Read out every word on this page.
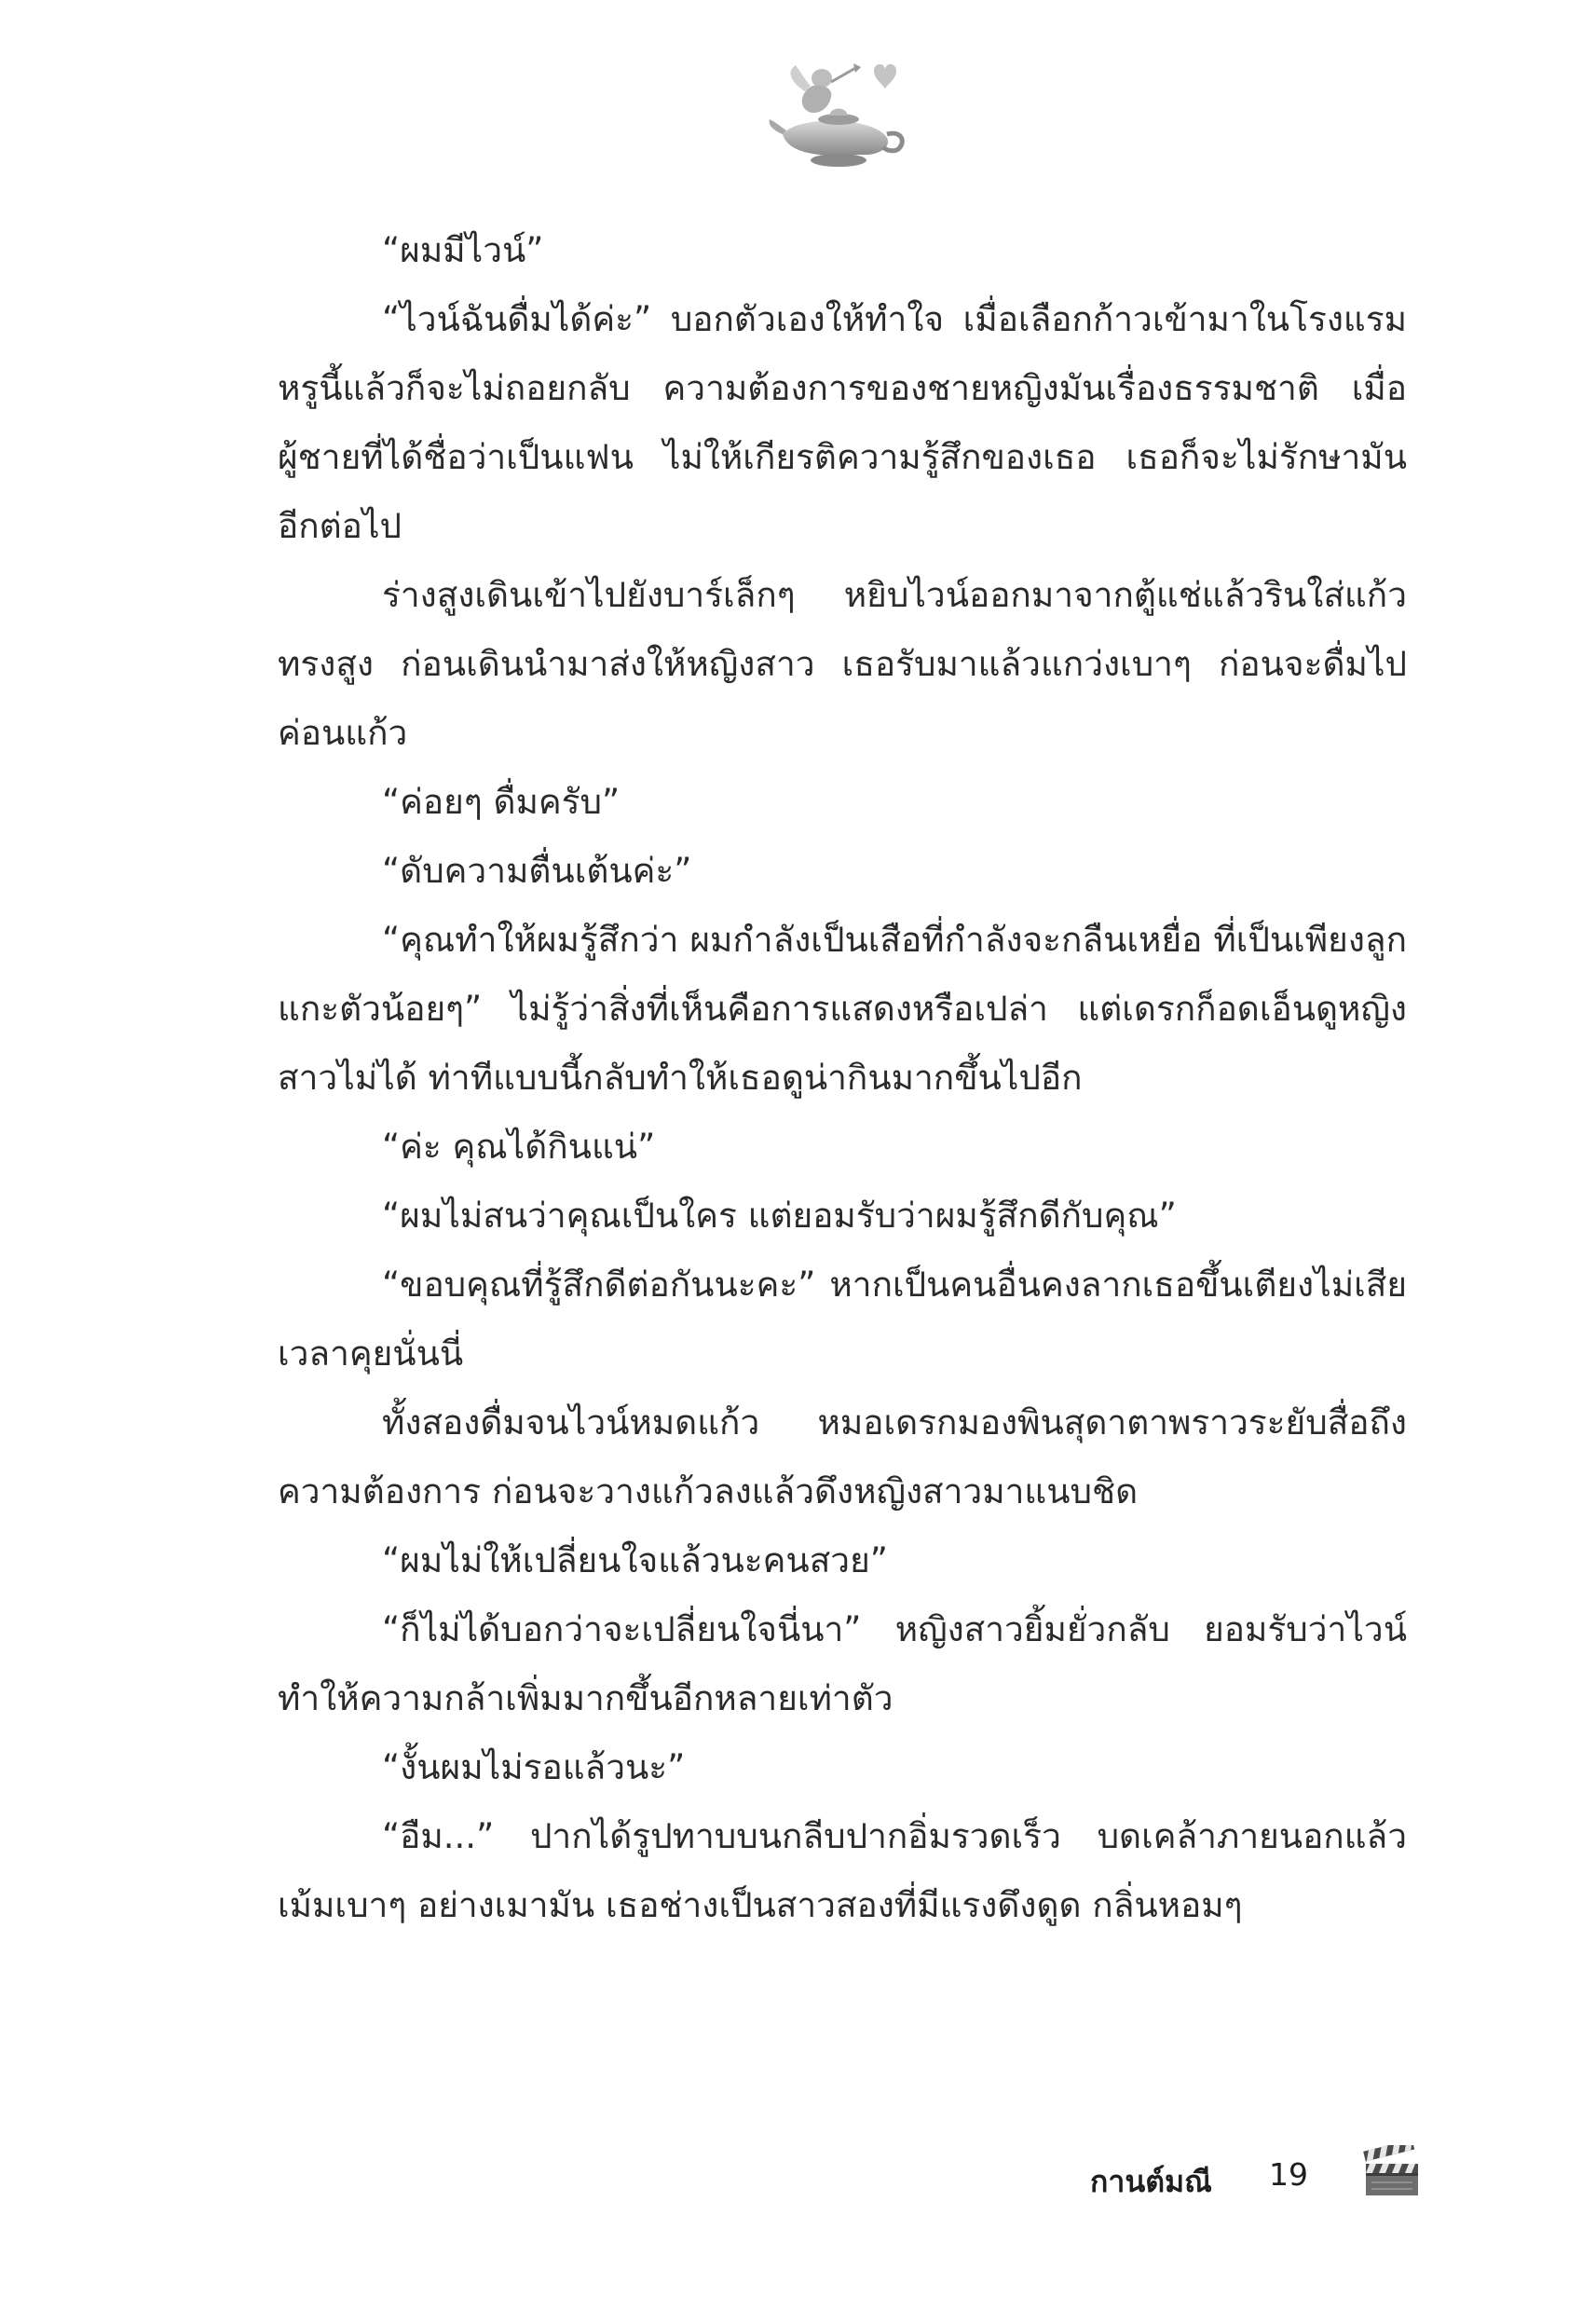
“ผมมีไวน์”

“ไวน์ฉันดื่มได้ค่ะ” บอกตัวเองให้ทำใจ เมื่อเลือกก้าวเข้ามาในโรงแรมหรูนี้แล้วก็จะไม่ถอยกลับ ความต้องการของชายหญิงมันเรื่องธรรมชาติ เมื่อผู้ชายที่ได้ชื่อว่าเป็นแฟน ไม่ให้เกียรติความรู้สึกของเธอ เธอก็จะไม่รักษามันอีกต่อไป

ร่างสูงเดินเข้าไปยังบาร์เล็กๆ หยิบไวน์ออกมาจากตู้แช่แล้วรินใส่แก้วทรงสูง ก่อนเดินนำมาส่งให้หญิงสาว เธอรับมาแล้วแกว่งเบาๆ ก่อนจะดื่มไปค่อนแก้ว

“ค่อยๆ ดื่มครับ”

“ดับความตื่นเต้นค่ะ”

“คุณทำให้ผมรู้สึกว่า ผมกำลังเป็นเสือที่กำลังจะกลืนเหยื่อ ที่เป็นเพียงลูกแกะตัวน้อยๆ” ไม่รู้ว่าสิ่งที่เห็นคือการแสดงหรือเปล่า แต่เดรกก็อดเอ็นดูหญิงสาวไม่ได้ ท่าทีแบบนี้กลับทำให้เธอดูน่ากินมากขึ้นไปอีก

“ค่ะ คุณได้กินแน่”

“ผมไม่สนว่าคุณเป็นใคร แต่ยอมรับว่าผมรู้สึกดีกับคุณ”

“ขอบคุณที่รู้สึกดีต่อกันนะคะ” หากเป็นคนอื่นคงลากเธอขึ้นเตียงไม่เสียเวลาคุยนั่นนี่

ทั้งสองดื่มจนไวน์หมดแก้ว หมอเดรกมองพินสุดาตาพราวระยับสื่อถึงความต้องการ ก่อนจะวางแก้วลงแล้วดึงหญิงสาวมาแนบชิด

“ผมไม่ให้เปลี่ยนใจแล้วนะคนสวย”

“ก็ไม่ได้บอกว่าจะเปลี่ยนใจนี่นา” หญิงสาวยิ้มยั่วกลับ ยอมรับว่าไวน์ทำให้ความกล้าเพิ่มมากขึ้นอีกหลายเท่าตัว

“งั้นผมไม่รอแล้วนะ”

“อืม...” ปากได้รูปทาบบนกลีบปากอิ่มรวดเร็ว บดเคล้าภายนอกแล้วเม้มเบาๆ อย่างเมามัน เธอช่างเป็นสาวสองที่มีแรงดึงดูด กลิ่นหอมๆ

กานต์มณี 19
